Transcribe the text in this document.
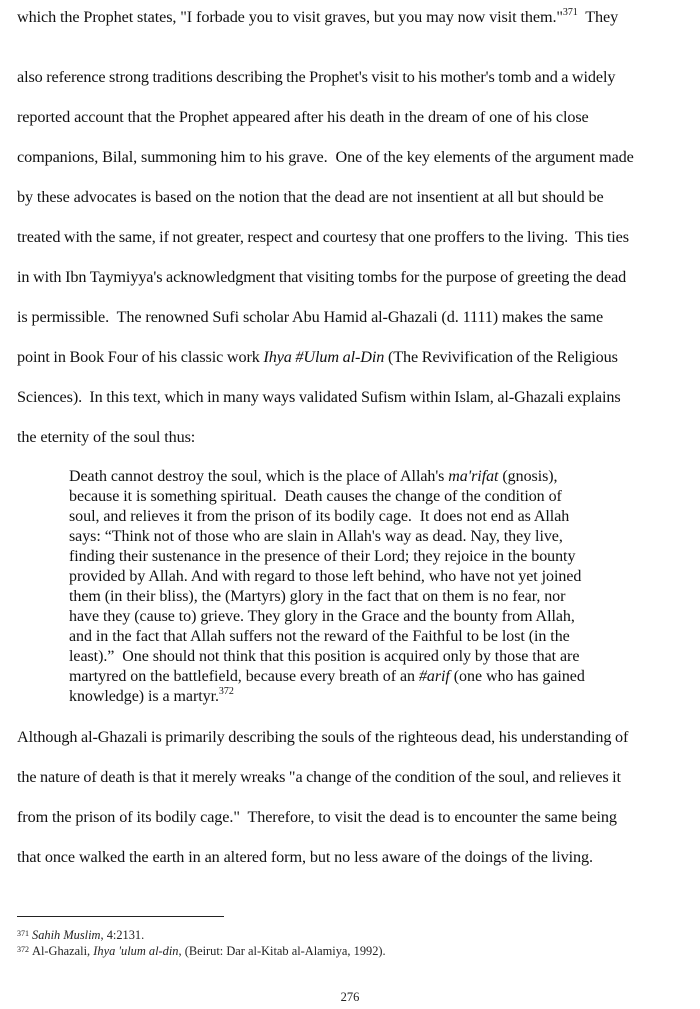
which the Prophet states, "I forbade you to visit graves, but you may now visit them."$^{371}$  They
also reference strong traditions describing the Prophet's visit to his mother's tomb and a widely
reported account that the Prophet appeared after his death in the dream of one of his close
companions, Bilal, summoning him to his grave.  One of the key elements of the argument made
by these advocates is based on the notion that the dead are not insentient at all but should be
treated with the same, if not greater, respect and courtesy that one proffers to the living.  This ties
in with Ibn Taymiyya's acknowledgment that visiting tombs for the purpose of greeting the dead
is permissible.  The renowned Sufi scholar Abu Hamid al-Ghazali (d. 1111) makes the same
point in Book Four of his classic work Ihya #Ulum al-Din (The Revivification of the Religious
Sciences).  In this text, which in many ways validated Sufism within Islam, al-Ghazali explains
the eternity of the soul thus:
Death cannot destroy the soul, which is the place of Allah's ma'rifat (gnosis),
because it is something spiritual.  Death causes the change of the condition of
soul, and relieves it from the prison of its bodily cage.  It does not end as Allah
says: “Think not of those who are slain in Allah's way as dead. Nay, they live,
finding their sustenance in the presence of their Lord; they rejoice in the bounty
provided by Allah. And with regard to those left behind, who have not yet joined
them (in their bliss), the (Martyrs) glory in the fact that on them is no fear, nor
have they (cause to) grieve. They glory in the Grace and the bounty from Allah,
and in the fact that Allah suffers not the reward of the Faithful to be lost (in the
least).”  One should not think that this position is acquired only by those that are
martyred on the battlefield, because every breath of an #arif (one who has gained
knowledge) is a martyr.$^{372}$
Although al-Ghazali is primarily describing the souls of the righteous dead, his understanding of
the nature of death is that it merely wreaks "a change of the condition of the soul, and relieves it
from the prison of its bodily cage."  Therefore, to visit the dead is to encounter the same being
that once walked the earth in an altered form, but no less aware of the doings of the living.
$^{371}$ Sahih Muslim, 4:2131.
$^{372}$ Al-Ghazali, Ihya 'ulum al-din, (Beirut: Dar al-Kitab al-Alamiya, 1992).
276
